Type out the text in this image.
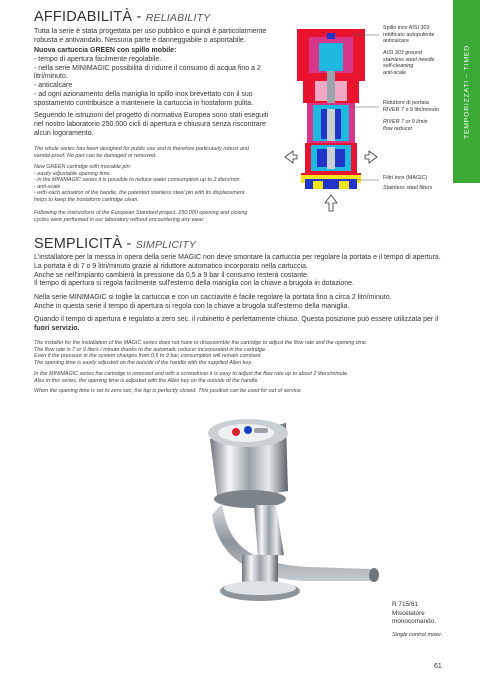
TEMPORIZZATI – TIMED
AFFIDABILITÀ - RELIABILITY
Tutta la serie è stata progettata per uso pubblico e quindi è particolarmente
robusta e antivandalo. Nessuna parte è danneggiabile o asportabile.
Nuova cartuccia GREEN con spillo mobile:
- tempo di apertura facilmente regolabile.
- nella serie MINIMAGIC possibilità di ridurre il consumo di acqua fino a 2
litri/minuto.
- anticalcare
- ad ogni azionamento della maniglia lo spillo inox brevettato con il suo
spostamento contribuisce a mantenere la cartuccia in hostaform pulita.
Seguendo le istruzioni del progetto di normativa Europea sono stati eseguiti
nel nostro laboratorio 250.000 cicli di apertura e chiusura senza riscontrare
alcun logoramento.
The whole series has been designed for public use and is therefore particularly robust and
vandal-proof. No part can be damaged or removed.
New GREEN cartridge with movable pin:
- easily adjustable opening time.
- in the MINIMAGIC series it is possible to reduce water consumption up to 2 liters/min.
- anti-scale
- with each actuation of the handle, the patented stainless steel pin with its displacement
helps to keep the hostaform cartridge clean.
Following the instructions of the European Standard project, 250,000 opening and closing
cycles were performed in our laboratory without encountering any wear.
Spillo inox AISI 303
rettificato autopulente
anticalcare
AISI 303 ground
stainless steel needle
self-cleaning
anti-scale
Riduttore di portata
RIVER 7 o 9 litri/minuto
RIVER 7 or 9 l/min
flow reducer
Filtri inox (MAGIC)
Stainless steel filters
SEMPLICITÀ - SIMPLICITY
L'installatore per la messa in opera della serie MAGIC non deve smontare la cartuccia per regolare la portata e il tempo di apertura.
La portata è di 7 o 9 litri/minuto grazie al riduttore automatico incorporato nella cartuccia.
Anche se nell'impianto cambierà la pressione da 0,5 a 9 bar il consumo resterà costante.
Il tempo di apertura si regola facilmente sull'esterno della maniglia con la chiave a brugola in dotazione.
Nella serie MINIMAGIC si toglie la cartuccia e con un cacciavite è facile regolare la portata fino a circa 2 litri/minuto.
Anche in questa serie il tempo di apertura si regola con la chiave a brugola sull'esterno della maniglia.
Quando il tempo di apertura è regolato a zero sec. il rubinetto è perfettamente chiuso. Questa posizione può essere utilizzata per il fuori servizio.
The installer for the installation of the MAGIC series does not have to disassemble the cartridge to adjust the flow rate and the opening time.
The flow rate is 7 or 9 liters / minute thanks to the automatic reducer incorporated in the cartridge.
Even if the pressure in the system changes from 0,5 to 9 bar, consumption will remain constant.
The opening time is easily adjusted on the outside of the handle with the supplied Allen key.
In the MINIMAGIC series the cartridge is removed and with a screwdriver it is easy to adjust the flow rate up to about 2 liters/minute.
Also in this series, the opening time is adjusted with the Allen key on the outside of the handle.
When the opening time is set to zero sec, the tap is perfectly closed. This position can be used for out of service.
R 715/61
Miscelatore
monocomando.
Single control mixer.
61
